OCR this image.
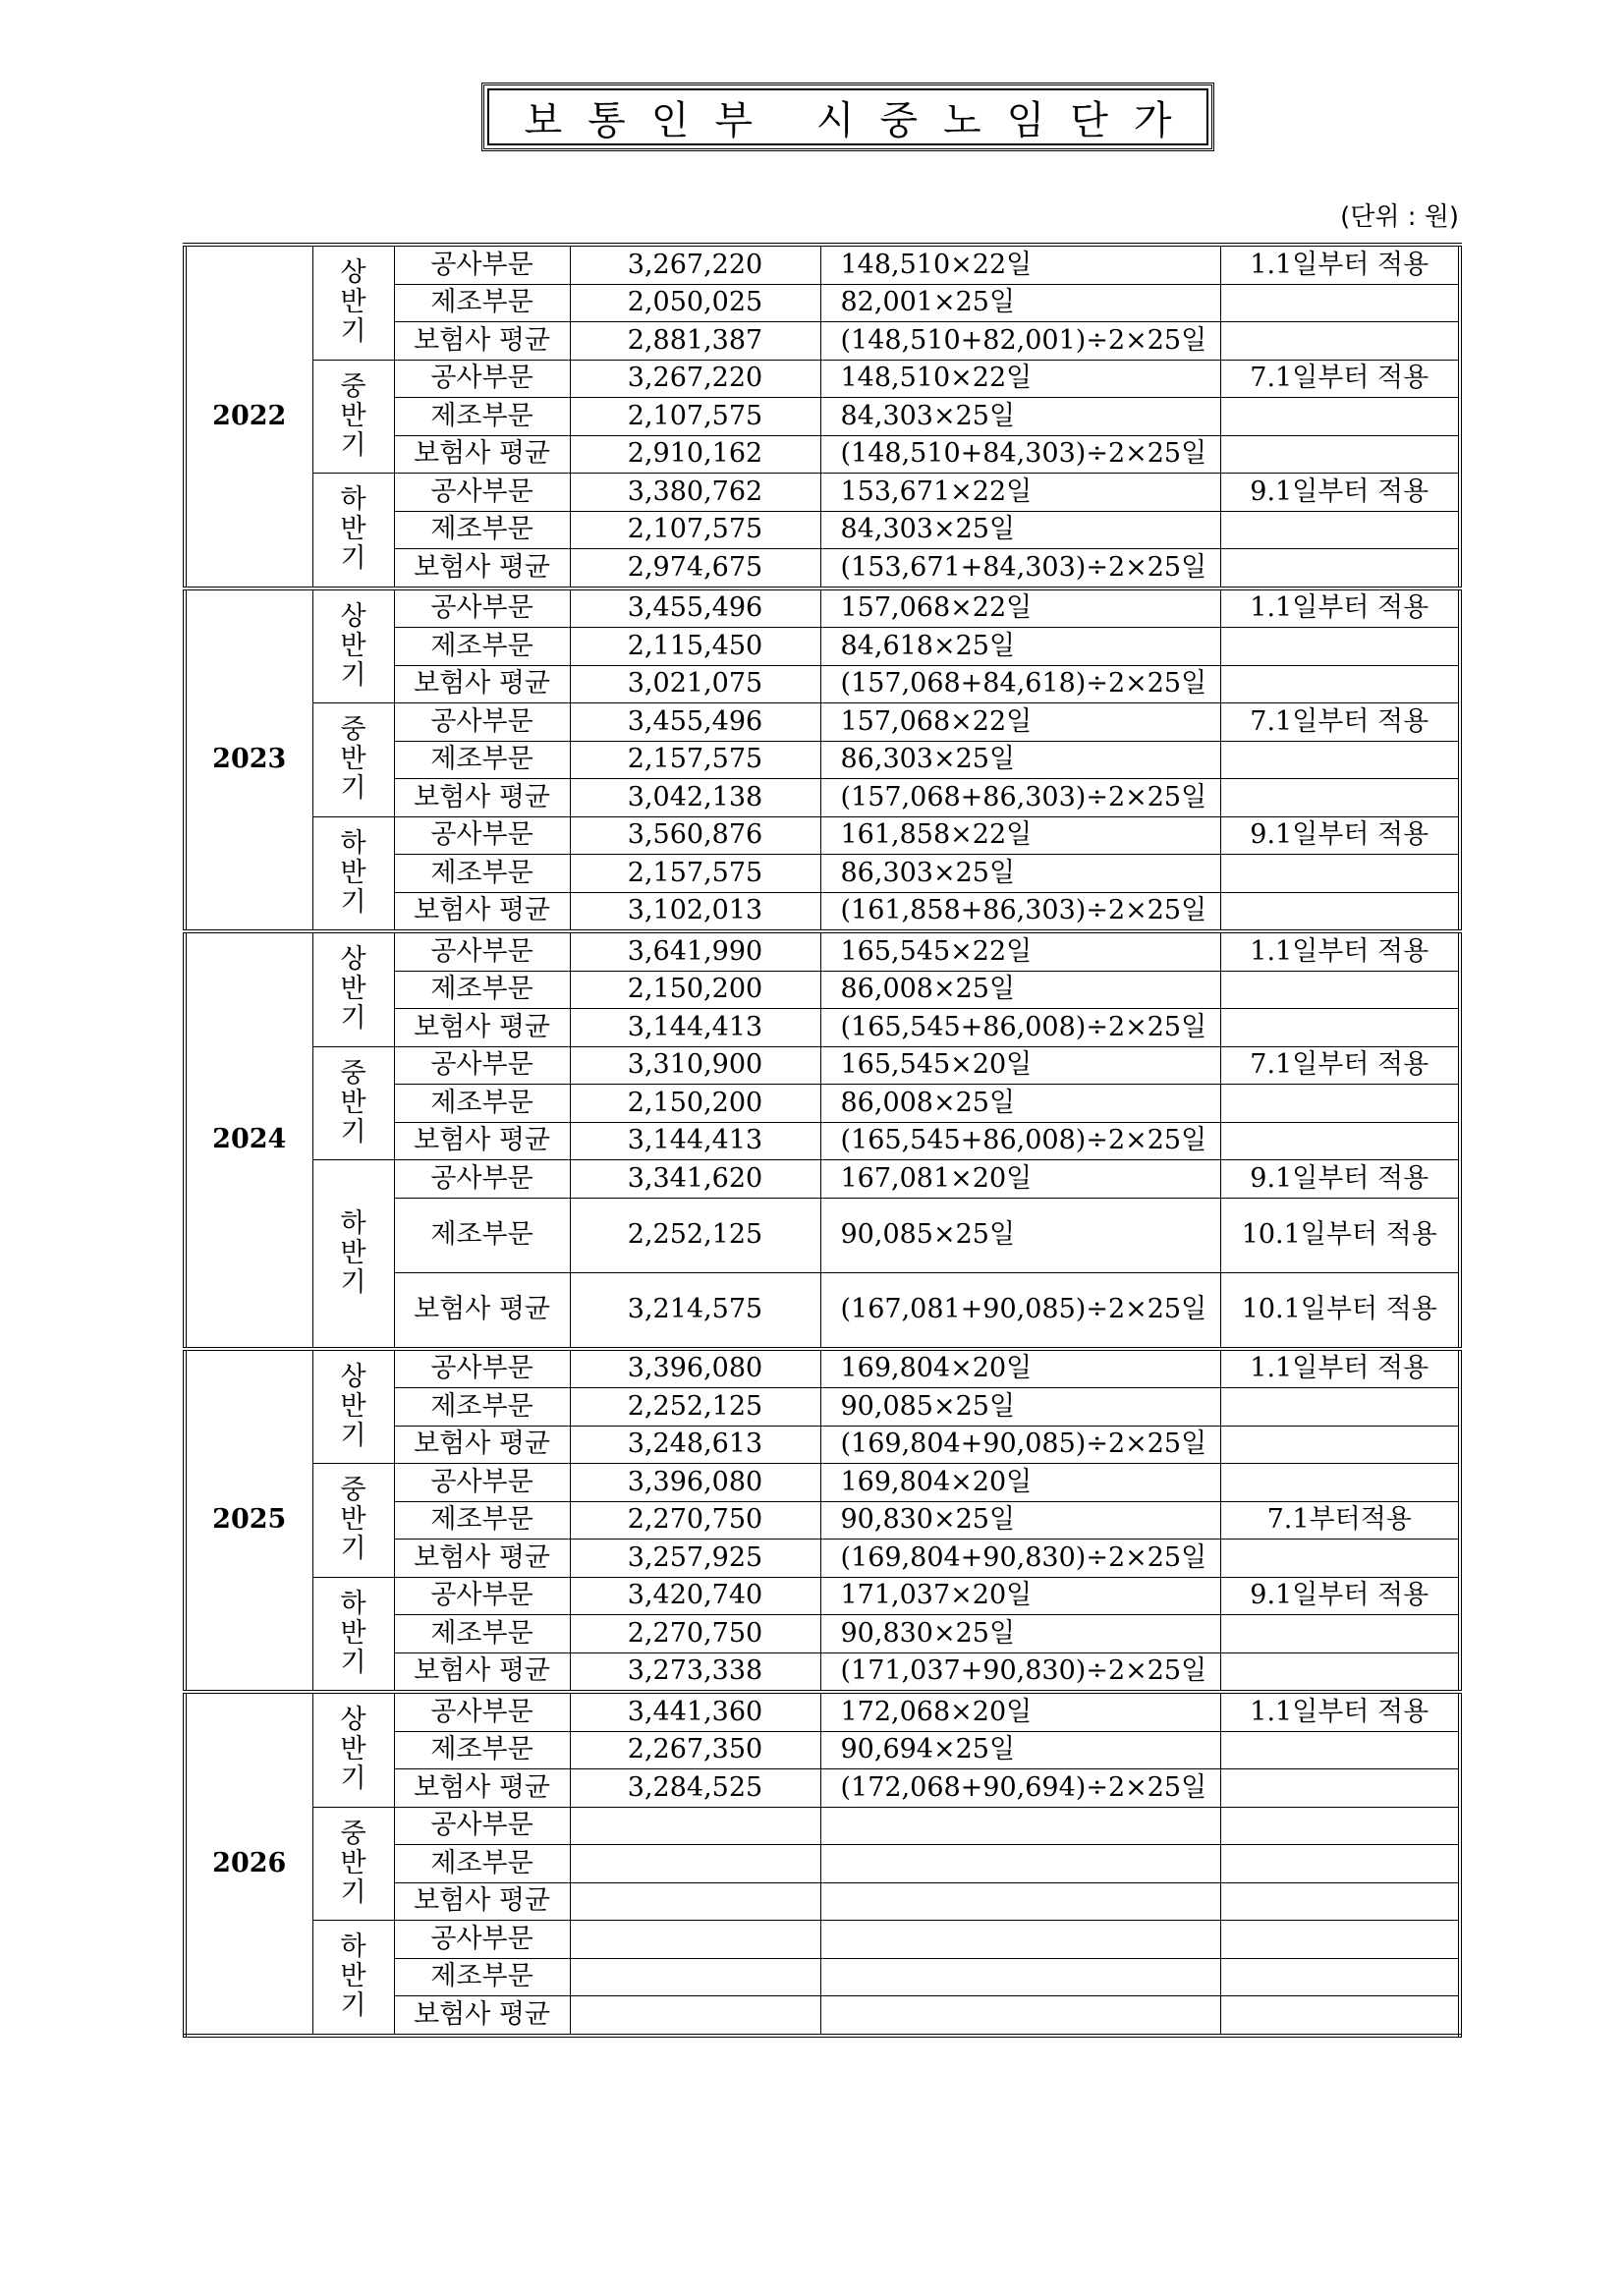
보통인부 시중노임단가
(단위 : 원)
2022	상
반
기	공사부문	3,267,220	148,510×22일	1.1일부터 적용
		제조부문	2,050,025	82,001×25일	
		보험사 평균	2,881,387	(148,510+82,001)÷2×25일	

	중
반
기	공사부문	3,267,220	148,510×22일	7.1일부터 적용
		제조부문	2,107,575	84,303×25일	
		보험사 평균	2,910,162	(148,510+84,303)÷2×25일	

	하
반
기	공사부문	3,380,762	153,671×22일	9.1일부터 적용
		제조부문	2,107,575	84,303×25일	
		보험사 평균	2,974,675	(153,671+84,303)÷2×25일	
2023	상
반
기	공사부문	3,455,496	157,068×22일	1.1일부터 적용
		제조부문	2,115,450	84,618×25일	
		보험사 평균	3,021,075	(157,068+84,618)÷2×25일	

	중
반
기	공사부문	3,455,496	157,068×22일	7.1일부터 적용
		제조부문	2,157,575	86,303×25일	
		보험사 평균	3,042,138	(157,068+86,303)÷2×25일	

	하
반
기	공사부문	3,560,876	161,858×22일	9.1일부터 적용
		제조부문	2,157,575	86,303×25일	
		보험사 평균	3,102,013	(161,858+86,303)÷2×25일	
2024	상
반
기	공사부문	3,641,990	165,545×22일	1.1일부터 적용
		제조부문	2,150,200	86,008×25일	
		보험사 평균	3,144,413	(165,545+86,008)÷2×25일	

	중
반
기	공사부문	3,310,900	165,545×20일	7.1일부터 적용
		제조부문	2,150,200	86,008×25일	
		보험사 평균	3,144,413	(165,545+86,008)÷2×25일	

	하
반
기	공사부문	3,341,620	167,081×20일	9.1일부터 적용
		제조부문	2,252,125	90,085×25일	10.1일부터 적용
		보험사 평균	3,214,575	(167,081+90,085)÷2×25일	10.1일부터 적용
2025	상
반
기	공사부문	3,396,080	169,804×20일	1.1일부터 적용
		제조부문	2,252,125	90,085×25일	
		보험사 평균	3,248,613	(169,804+90,085)÷2×25일	

	중
반
기	공사부문	3,396,080	169,804×20일	
		제조부문	2,270,750	90,830×25일	7.1부터적용
		보험사 평균	3,257,925	(169,804+90,830)÷2×25일	

	하
반
기	공사부문	3,420,740	171,037×20일	9.1일부터 적용
		제조부문	2,270,750	90,830×25일	
		보험사 평균	3,273,338	(171,037+90,830)÷2×25일	
2026	상
반
기	공사부문	3,441,360	172,068×20일	1.1일부터 적용
		제조부문	2,267,350	90,694×25일	
		보험사 평균	3,284,525	(172,068+90,694)÷2×25일	

	중
반
기	공사부문			
		제조부문			
		보험사 평균			

	하
반
기	공사부문			
		제조부문			
		보험사 평균			
